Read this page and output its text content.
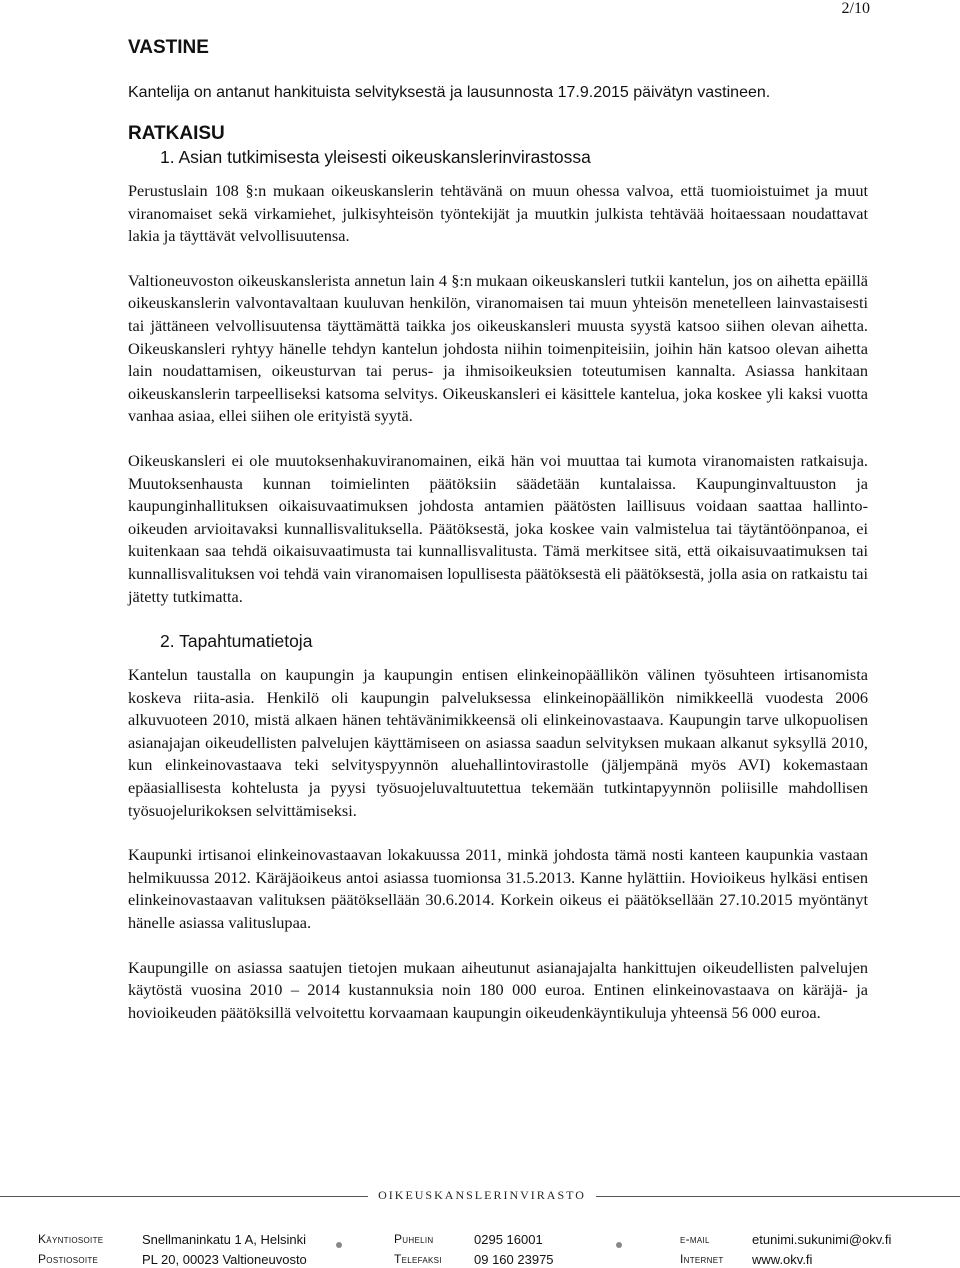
2/10
VASTINE
Kantelija on antanut hankituista selvityksestä ja lausunnosta 17.9.2015 päivätyn vastineen.
RATKAISU
1. Asian tutkimisesta yleisesti oikeuskanslerinvirastossa

Perustuslain 108 §:n mukaan oikeuskanslerin tehtävänä on muun ohessa valvoa, että tuomioistuimet ja muut viranomaiset sekä virkamiehet, julkisyhteisön työntekijät ja muutkin julkista tehtävää hoitaessaan noudattavat lakia ja täyttävät velvollisuutensa.

Valtioneuvoston oikeuskanslerista annetun lain 4 §:n mukaan oikeuskansleri tutkii kantelun, jos on aihetta epäillä oikeuskanslerin valvontavaltaan kuuluvan henkilön, viranomaisen tai muun yhteisön menetelleen lainvastaisesti tai jättäneen velvollisuutensa täyttämättä taikka jos oikeuskansleri muusta syystä katsoo siihen olevan aihetta. Oikeuskansleri ryhtyy hänelle tehdyn kantelun johdosta niihin toimenpiteisiin, joihin hän katsoo olevan aihetta lain noudattamisen, oikeusturvan tai perus- ja ihmisoikeuksien toteutumisen kannalta. Asiassa hankitaan oikeuskanslerin tarpeelliseksi katsoma selvitys. Oikeuskansleri ei käsittele kantelua, joka koskee yli kaksi vuotta vanhaa asiaa, ellei siihen ole erityistä syytä.

Oikeuskansleri ei ole muutoksenhakuviranomainen, eikä hän voi muuttaa tai kumota viranomaisten ratkaisuja. Muutoksenhausta kunnan toimielinten päätöksiin säädetään kuntalaissa. Kaupunginvaltuuston ja kaupunginhallituksen oikaisuvaatimuksen johdosta antamien päätösten laillisuus voidaan saattaa hallinto-oikeuden arvioitavaksi kunnallisvalituksella. Päätöksestä, joka koskee vain valmistelua tai täytäntöönpanoa, ei kuitenkaan saa tehdä oikaisuvaatimusta tai kunnallisvalitusta. Tämä merkitsee sitä, että oikaisuvaatimuksen tai kunnallisvalituksen voi tehdä vain viranomaisen lopullisesta päätöksestä eli päätöksestä, jolla asia on ratkaistu tai jätetty tutkimatta.

2. Tapahtumatietoja

Kantelun taustalla on kaupungin ja kaupungin entisen elinkeinopäällikön välinen työsuhteen irtisanomista koskeva riita-asia. Henkilö oli kaupungin palveluksessa elinkeinopäällikön nimikkeellä vuodesta 2006 alkuvuoteen 2010, mistä alkaen hänen tehtävänimikkeensä oli elinkeinovastaava. Kaupungin tarve ulkopuolisen asianajajan oikeudellisten palvelujen käyttämiseen on asiassa saadun selvityksen mukaan alkanut syksyllä 2010, kun elinkeinovastaava teki selvityspyynnön aluehallintovirastolle (jäljempänä myös AVI) kokemastaan epäasiallisesta kohtelusta ja pyysi työsuojeluvaltuutettua tekemään tutkintapyynnön poliisille mahdollisen työsuojelurikoksen selvittämiseksi.

Kaupunki irtisanoi elinkeinovastaavan lokakuussa 2011, minkä johdosta tämä nosti kanteen kaupunkia vastaan helmikuussa 2012. Käräjäoikeus antoi asiassa tuomionsa 31.5.2013. Kanne hylättiin. Hovioikeus hylkäsi entisen elinkeinovastaavan valituksen päätöksellään 30.6.2014. Korkein oikeus ei päätöksellään 27.10.2015 myöntänyt hänelle asiassa valituslupaa.

Kaupungille on asiassa saatujen tietojen mukaan aiheutunut asianajajalta hankittujen oikeudellisten palvelujen käytöstä vuosina 2010 – 2014 kustannuksia noin 180 000 euroa. Entinen elinkeinovastaava on käräjä- ja hovioikeuden päätöksillä velvoitettu korvaamaan kaupungin oikeudenkäyntikuluja yhteensä 56 000 euroa.

OIKEUSKANSLERINVIRASTO
Käyntiosoite	Snellmaninkatu 1 A, Helsinki	Puhelin	0295 16001	e-mail	etunimi.sukunimi@okv.fi
Postiosoite	PL 20, 00023 Valtioneuvosto	Telefaksi 09 160 23975	Internet www.okv.fi
